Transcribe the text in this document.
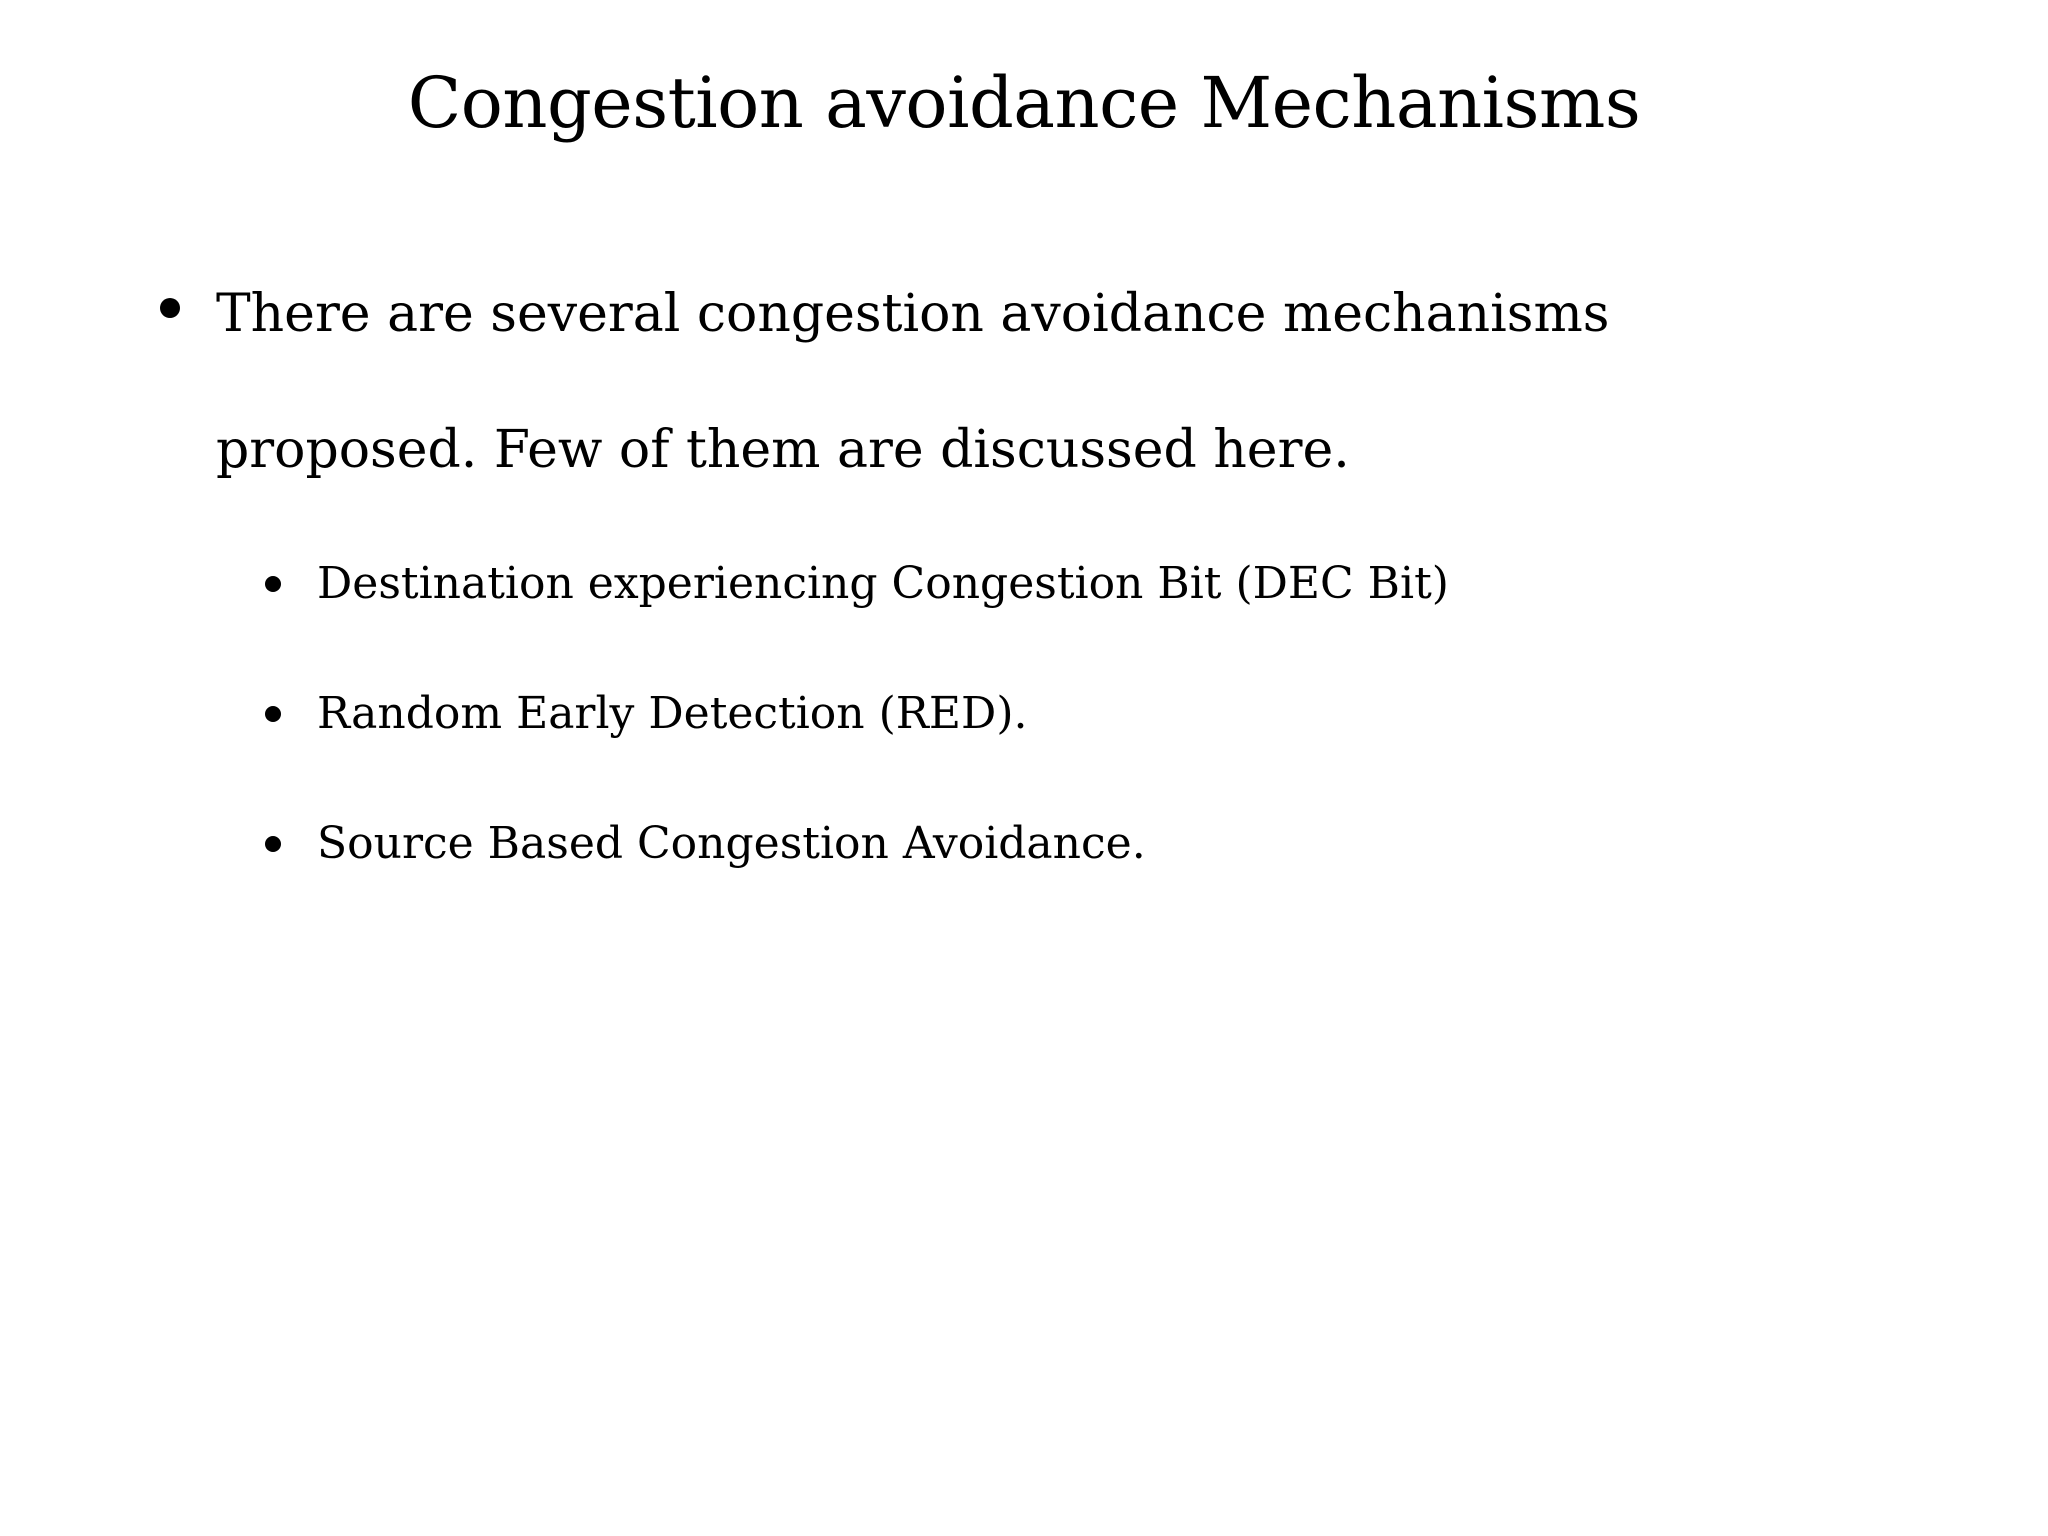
Congestion avoidance Mechanisms
There are several congestion avoidance mechanisms proposed. Few of them are discussed here.
Destination experiencing Congestion Bit (DEC Bit)
Random Early Detection (RED).
Source Based Congestion Avoidance.
